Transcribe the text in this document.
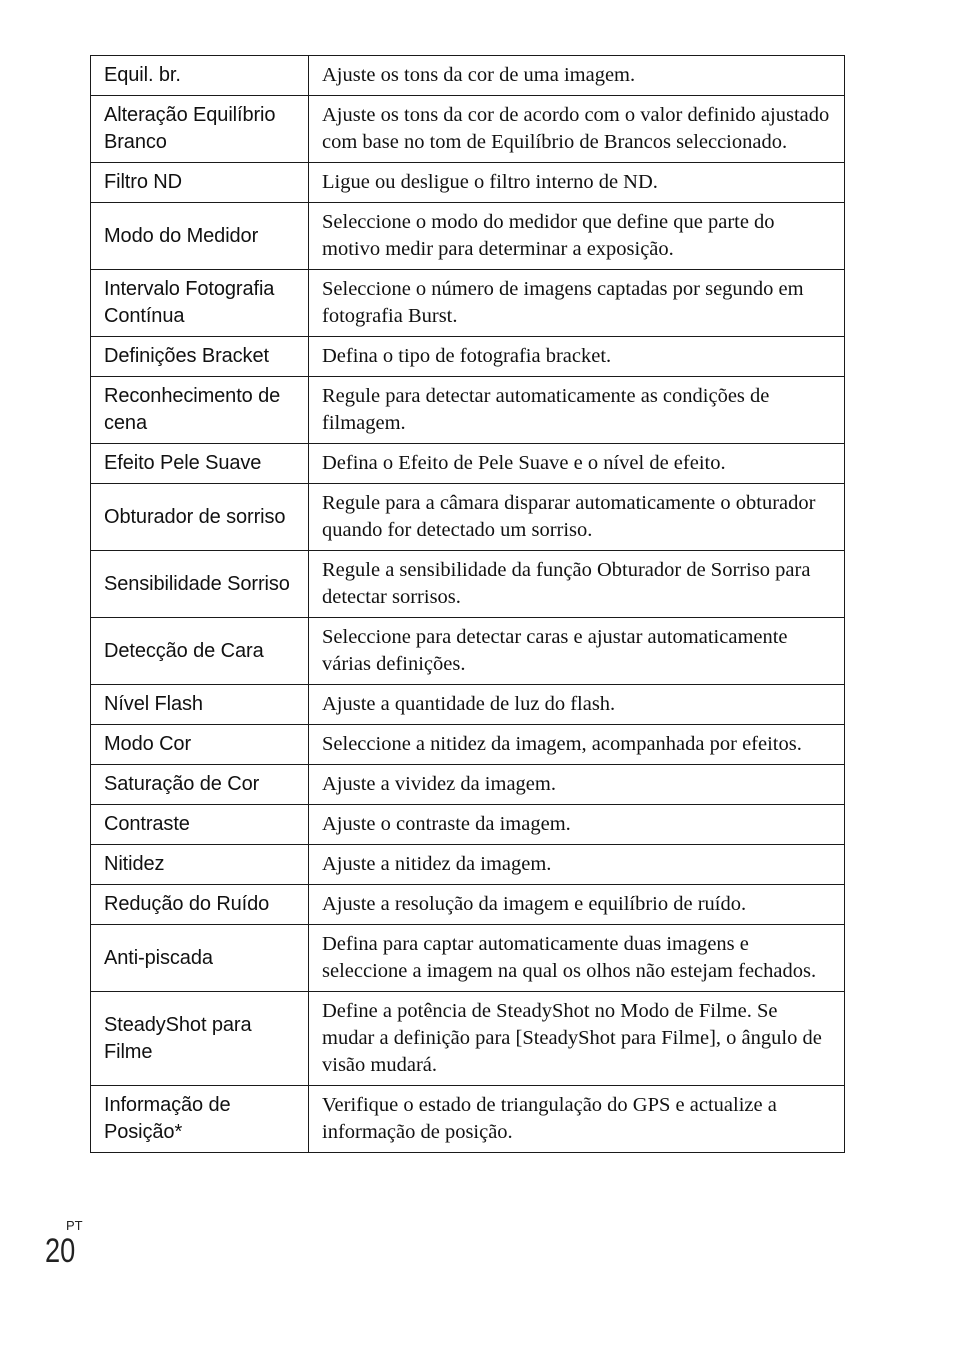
Equil. br.	Ajuste os tons da cor de uma imagem.
Alteração Equilíbrio Branco	Ajuste os tons da cor de acordo com o valor definido ajustado com base no tom de Equilíbrio de Brancos seleccionado.
Filtro ND	Ligue ou desligue o filtro interno de ND.
Modo do Medidor	Seleccione o modo do medidor que define que parte do motivo medir para determinar a exposição.
Intervalo Fotografia Contínua	Seleccione o número de imagens captadas por segundo em fotografia Burst.
Definições Bracket	Defina o tipo de fotografia bracket.
Reconhecimento de cena	Regule para detectar automaticamente as condições de filmagem.
Efeito Pele Suave	Defina o Efeito de Pele Suave e o nível de efeito.
Obturador de sorriso	Regule para a câmara disparar automaticamente o obturador quando for detectado um sorriso.
Sensibilidade Sorriso	Regule a sensibilidade da função Obturador de Sorriso para detectar sorrisos.
Detecção de Cara	Seleccione para detectar caras e ajustar automaticamente várias definições.
Nível Flash	Ajuste a quantidade de luz do flash.
Modo Cor	Seleccione a nitidez da imagem, acompanhada por efeitos.
Saturação de Cor	Ajuste a vividez da imagem.
Contraste	Ajuste o contraste da imagem.
Nitidez	Ajuste a nitidez da imagem.
Redução do Ruído	Ajuste a resolução da imagem e equilíbrio de ruído.
Anti-piscada	Defina para captar automaticamente duas imagens e seleccione a imagem na qual os olhos não estejam fechados.
SteadyShot para Filme	Define a potência de SteadyShot no Modo de Filme. Se mudar a definição para [SteadyShot para Filme], o ângulo de visão mudará.
Informação de Posição*	Verifique o estado de triangulação do GPS e actualize a informação de posição.
PT
20
